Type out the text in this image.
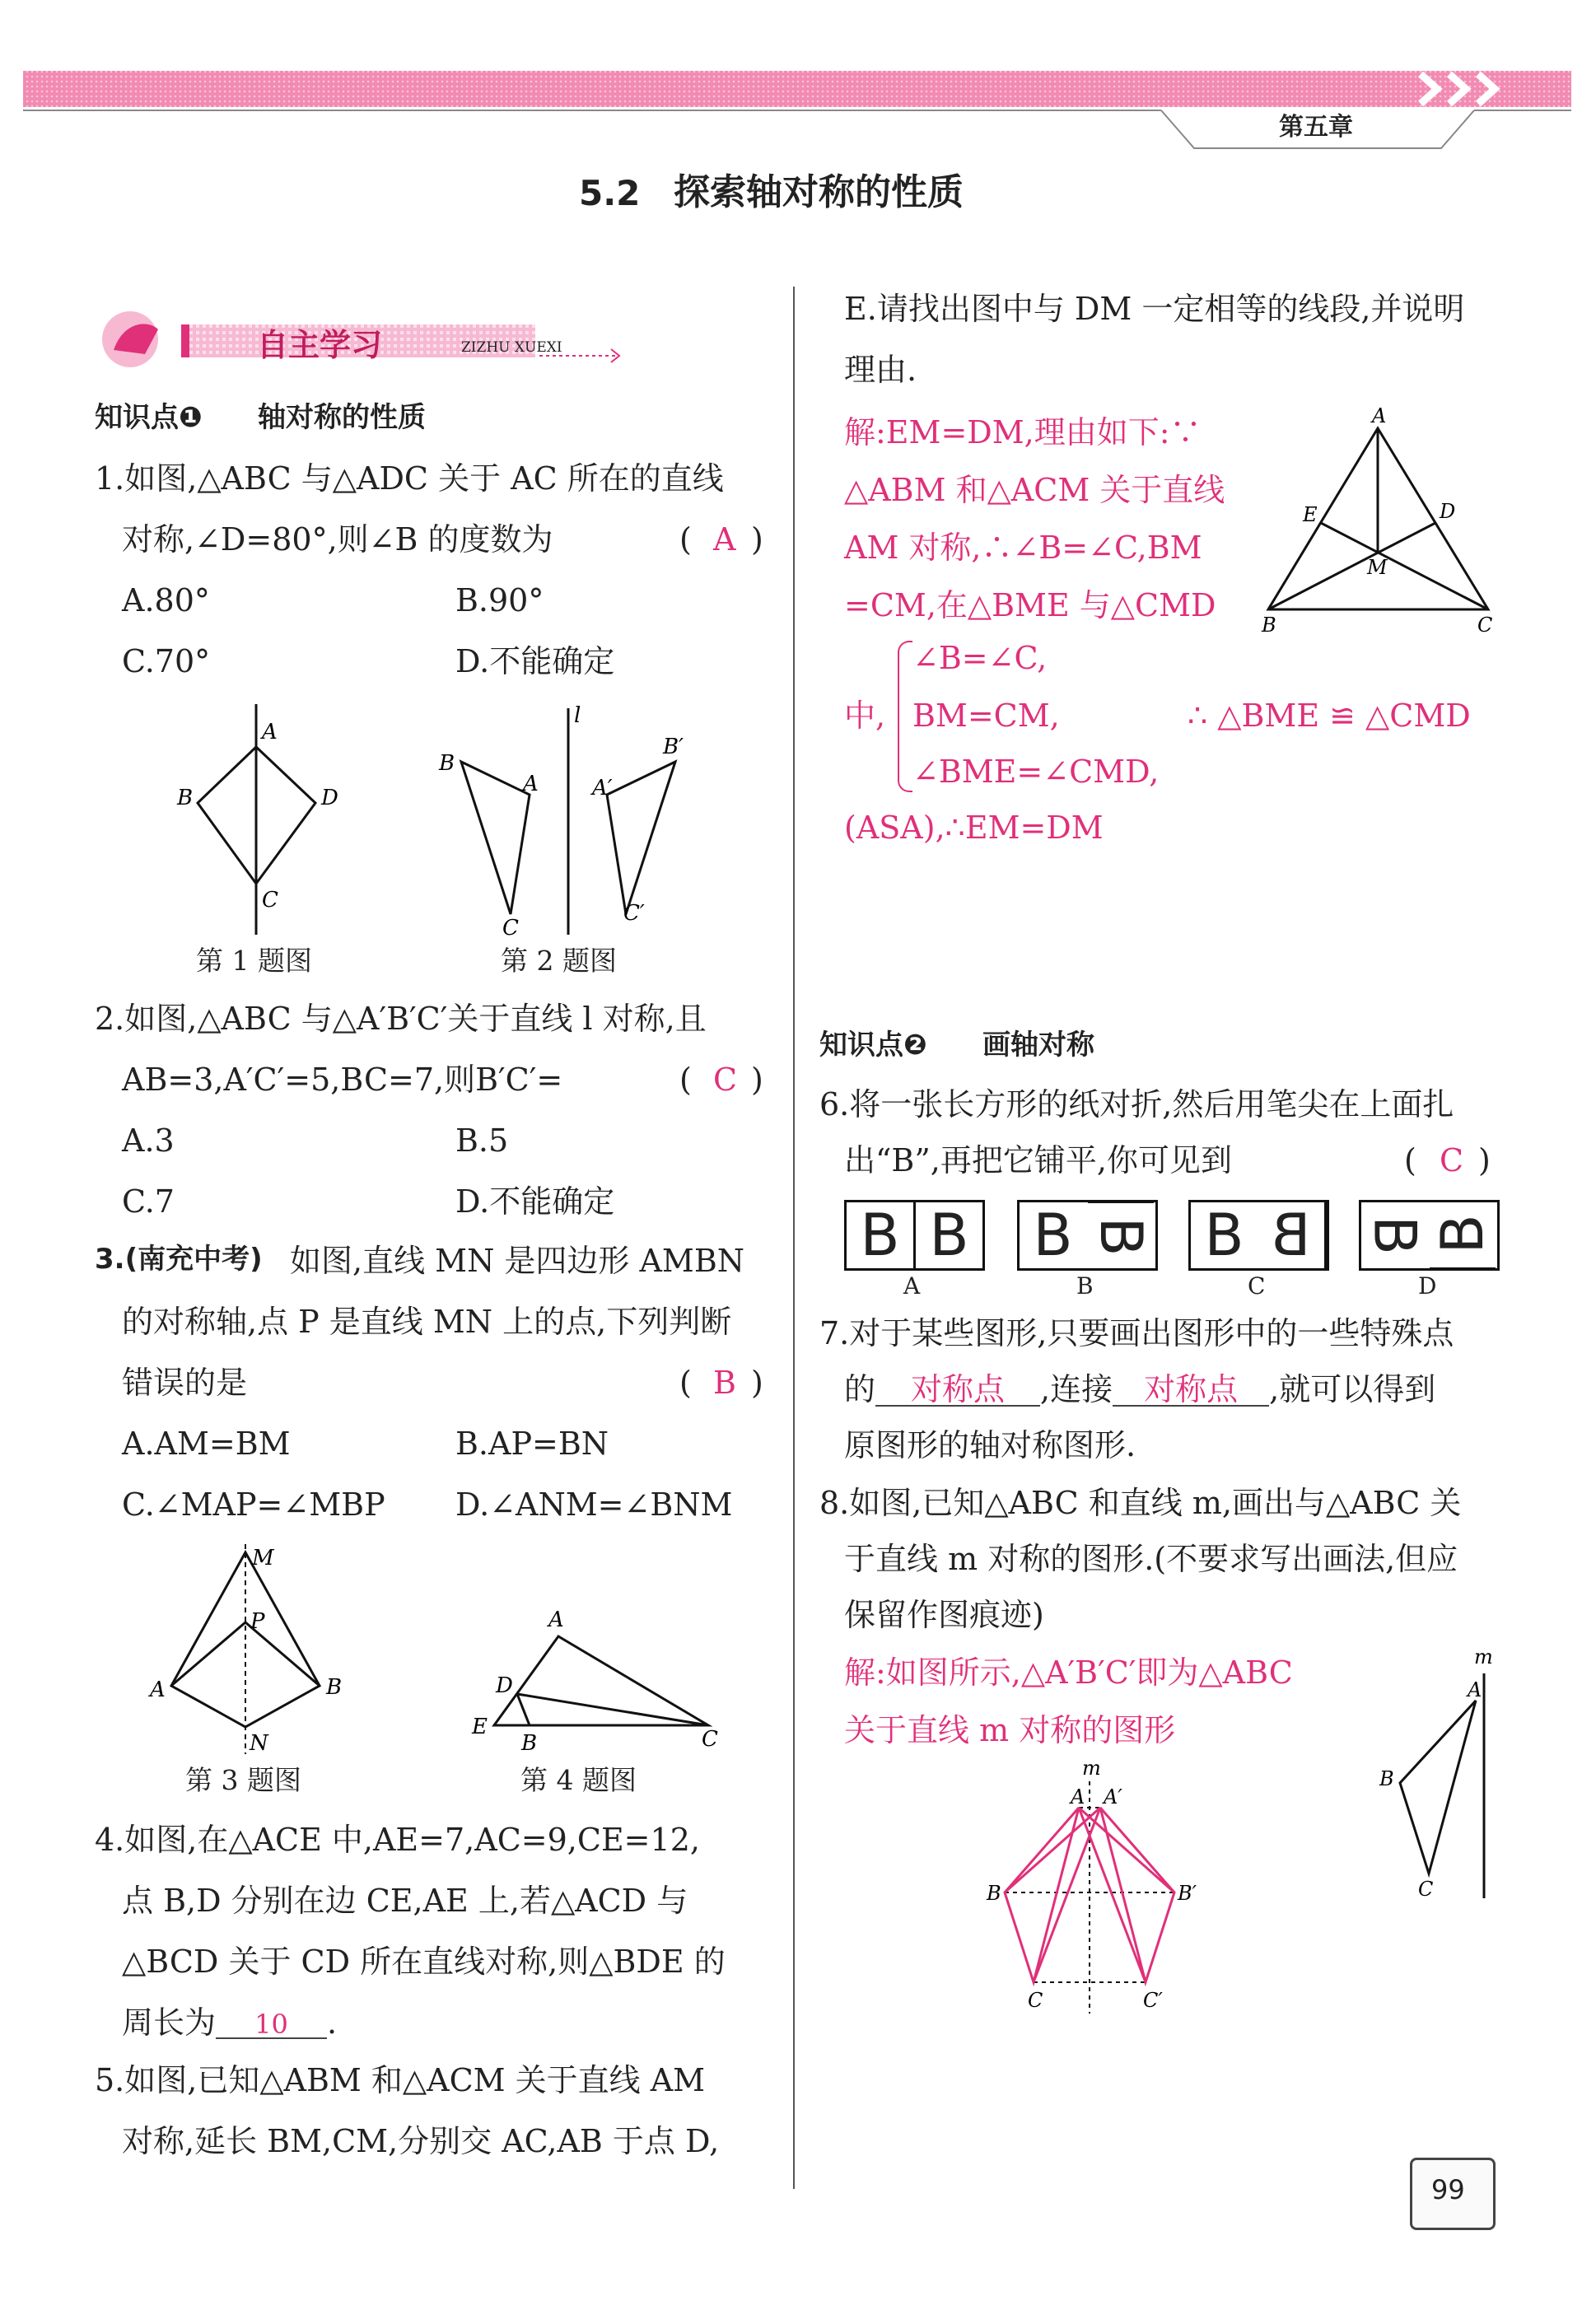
第五章
5.2 探索轴对称的性质
自主学习	ZIZHU XUEXI
知识点❶ 轴对称的性质
1.如图,△ABC 与△ADC 关于 AC 所在的直线
对称,∠D=80°,则∠B 的度数为	( A )
A.80°	B.90°
C.70°	D.不能确定
A
B	D
C
第 1 题图
l
B
A
C
B′
A′
C′
第 2 题图
2.如图,△ABC 与△A′B′C′关于直线 l 对称,且
AB=3,A′C′=5,BC=7,则B′C′=	( C )
A.3	B.5
C.7	D.不能确定
3.(南充中考) 如图,直线 MN 是四边形 AMBN
的对称轴,点 P 是直线 MN 上的点,下列判断
错误的是	( B )
A.AM=BM	B.AP=BN
C.∠MAP=∠MBP D.∠ANM=∠BNM
M
P
A	B
N
第 3 题图
A
D
E
B	C
第 4 题图
4.如图,在△ACE 中,AE=7,AC=9,CE=12,
点 B,D 分别在边 CE,AE 上,若△ACD 与
△BCD 关于 CD 所在直线对称,则△BDE 的
周长为 10 .
5.如图,已知△ABM 和△ACM 关于直线 AM
对称,延长 BM,CM,分别交 AC,AB 于点 D,
E.请找出图中与 DM 一定相等的线段,并说明
理由.
解:EM=DM,理由如下:∵
△ABM 和△ACM 关于直线
AM 对称,∴∠B=∠C,BM
=CM,在△BME 与△CMD
中,
∠B=∠C,
BM=CM,
∠BME=∠CMD,
∴ △BME ≌ △CMD
(ASA),∴EM=DM
A
E	D
M
B	C
知识点❷ 画轴对称
6.将一张长方形的纸对折,然后用笔尖在上面扎
出“B”,再把它铺平,你可见到	( C )
B B
A
B B
B
B B
C
B B
D
7.对于某些图形,只要画出图形中的一些特殊点
的 对称点 ,连接 对称点 ,就可以得到
原图形的轴对称图形.
8.如图,已知△ABC 和直线 m,画出与△ABC 关
于直线 m 对称的图形.(不要求写出画法,但应
保留作图痕迹)
解:如图所示,△A′B′C′即为△ABC
关于直线 m 对称的图形
m
A
B
C
m
A A′
B	B′
C	C′
99
